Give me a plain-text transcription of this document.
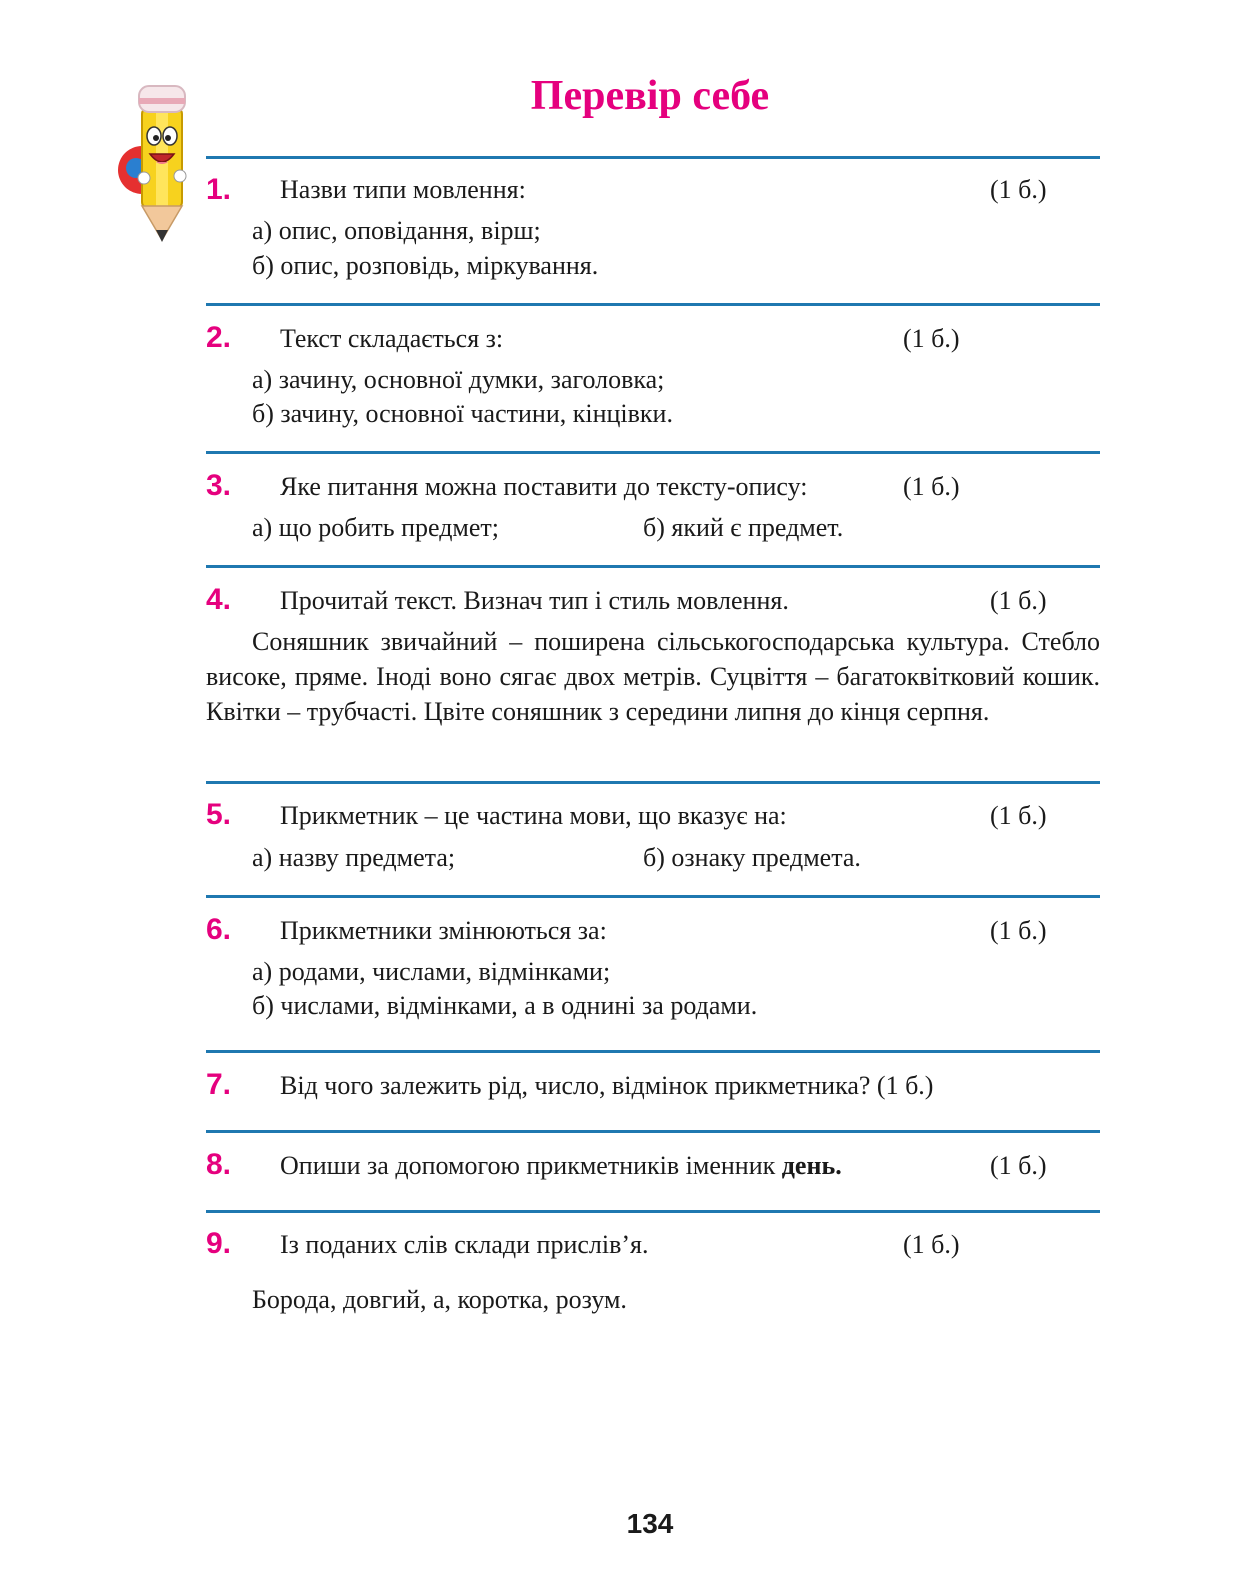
Перевір себе
1. Назви типи мовлення:	(1 б.)
а) опис, оповідання, вірш;
б) опис, розповідь, міркування.
2. Текст складається з:	(1 б.)
а) зачину, основної думки, заголовка;
б) зачину, основної частини, кінцівки.
3. Яке питання можна поставити до тексту-опису:	(1 б.)
а) що робить предмет;	б) який є предмет.
4. Прочитай текст. Визнач тип і стиль мовлення.	(1 б.)
Соняшник звичайний – поширена сільськогосподарська культура. Стебло високе, пряме. Іноді воно сягає двох метрів. Суцвіття – багатоквітковий кошик. Квітки – трубчасті. Цвіте соняшник з середини липня до кінця серпня.
5. Прикметник – це частина мови, що вказує на:	(1 б.)
а) назву предмета;	б) ознаку предмета.
6. Прикметники змінюються за:	(1 б.)
а) родами, числами, відмінками;
б) числами, відмінками, а в однині за родами.
7. Від чого залежить рід, число, відмінок прикметника? (1 б.)
8. Опиши за допомогою прикметників іменник день.	(1 б.)
9. Із поданих слів склади прислів’я.	(1 б.)
Борода, довгий, а, коротка, розум.
134
